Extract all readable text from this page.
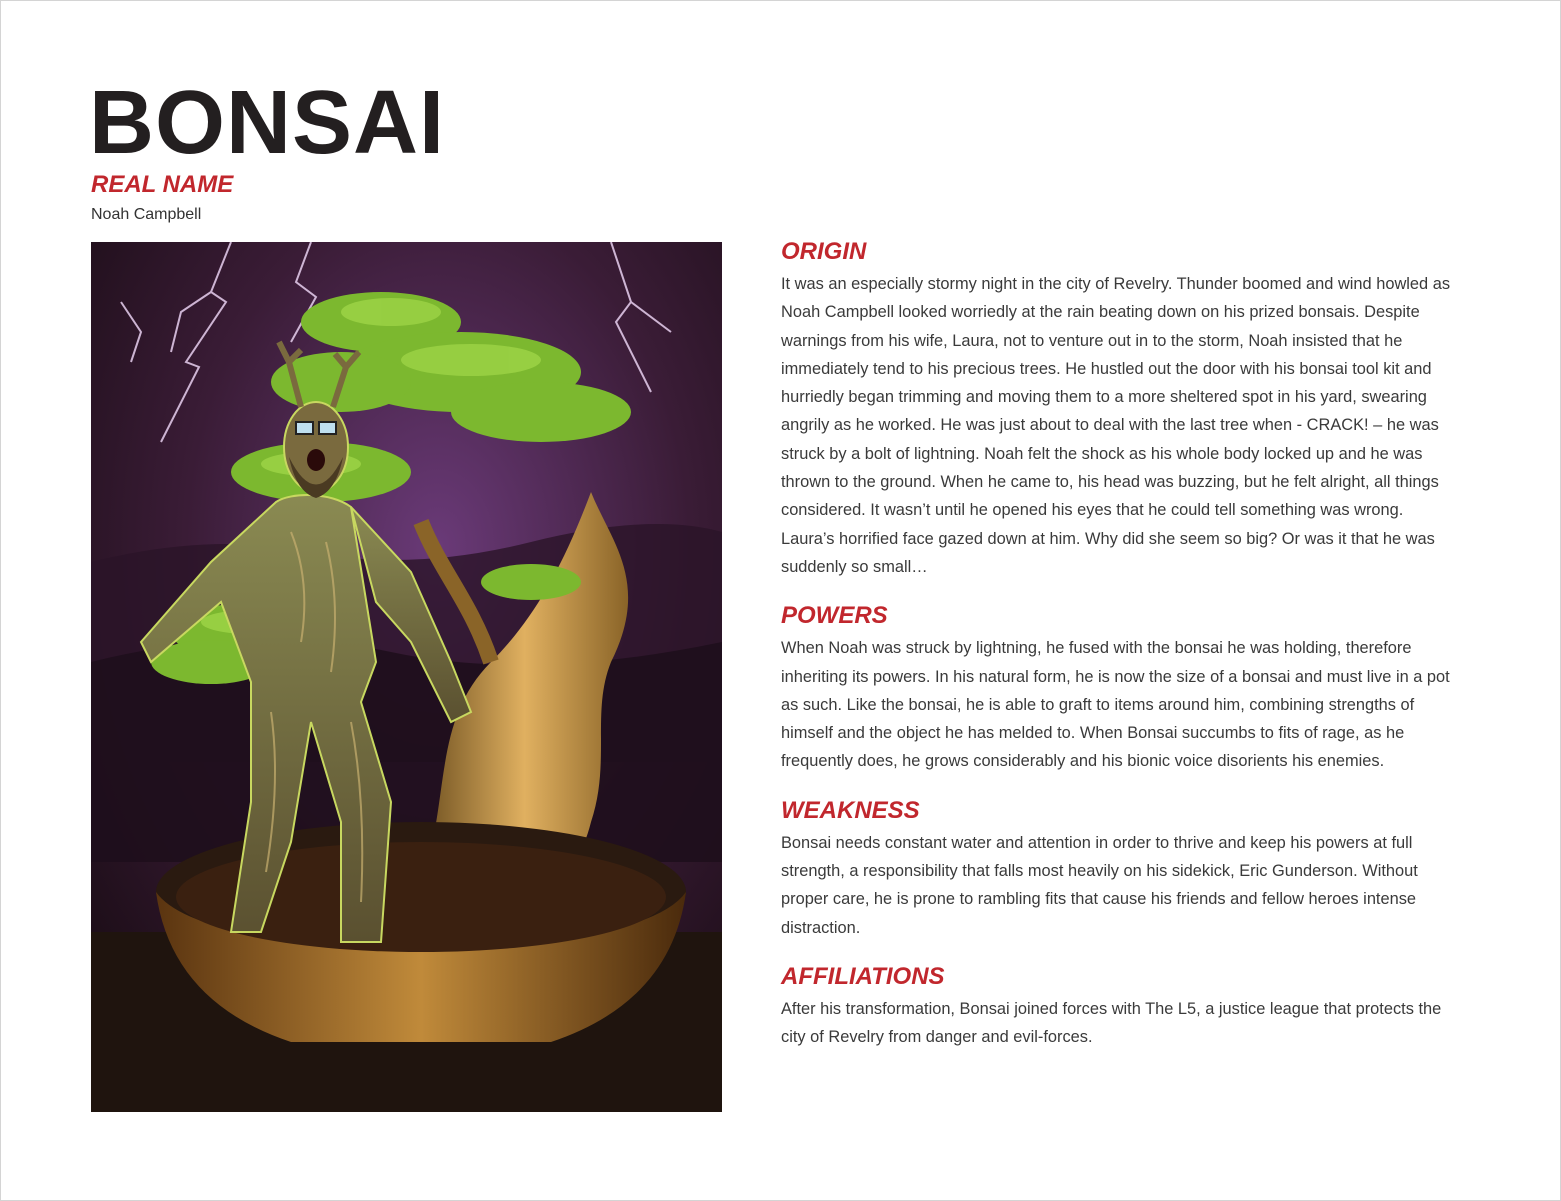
BONSAI
REAL NAME
Noah Campbell
ORIGIN

It was an especially stormy night in the city of Revelry. Thunder boomed and wind howled as Noah Campbell looked worriedly at the rain beating down on his prized bonsais. Despite warnings from his wife, Laura, not to venture out in to the storm, Noah insisted that he immediately tend to his precious trees. He hustled out the door with his bonsai tool kit and hurriedly began trimming and moving them to a more sheltered spot in his yard, swearing angrily as he worked. He was just about to deal with the last tree when - CRACK! – he was struck by a bolt of lightning. Noah felt the shock as his whole body locked up and he was thrown to the ground. When he came to, his head was buzzing, but he felt alright, all things considered. It wasn’t until he opened his eyes that he could tell something was wrong. Laura’s horrified face gazed down at him. Why did she seem so big? Or was it that he was suddenly so small…

POWERS

When Noah was struck by lightning, he fused with the bonsai he was holding, therefore inheriting its powers. In his natural form, he is now the size of a bonsai and must live in a pot as such. Like the bonsai, he is able to graft to items around him, combining strengths of himself and the object he has melded to. When Bonsai succumbs to fits of rage, as he frequently does, he grows considerably and his bionic voice disorients his enemies.

WEAKNESS

Bonsai needs constant water and attention in order to thrive and keep his powers at full strength, a responsibility that falls most heavily on his sidekick, Eric Gunderson. Without proper care, he is prone to rambling fits that cause his friends and fellow heroes intense distraction.

AFFILIATIONS

After his transformation, Bonsai joined forces with The L5, a justice league that protects the city of Revelry from danger and evil-forces.
